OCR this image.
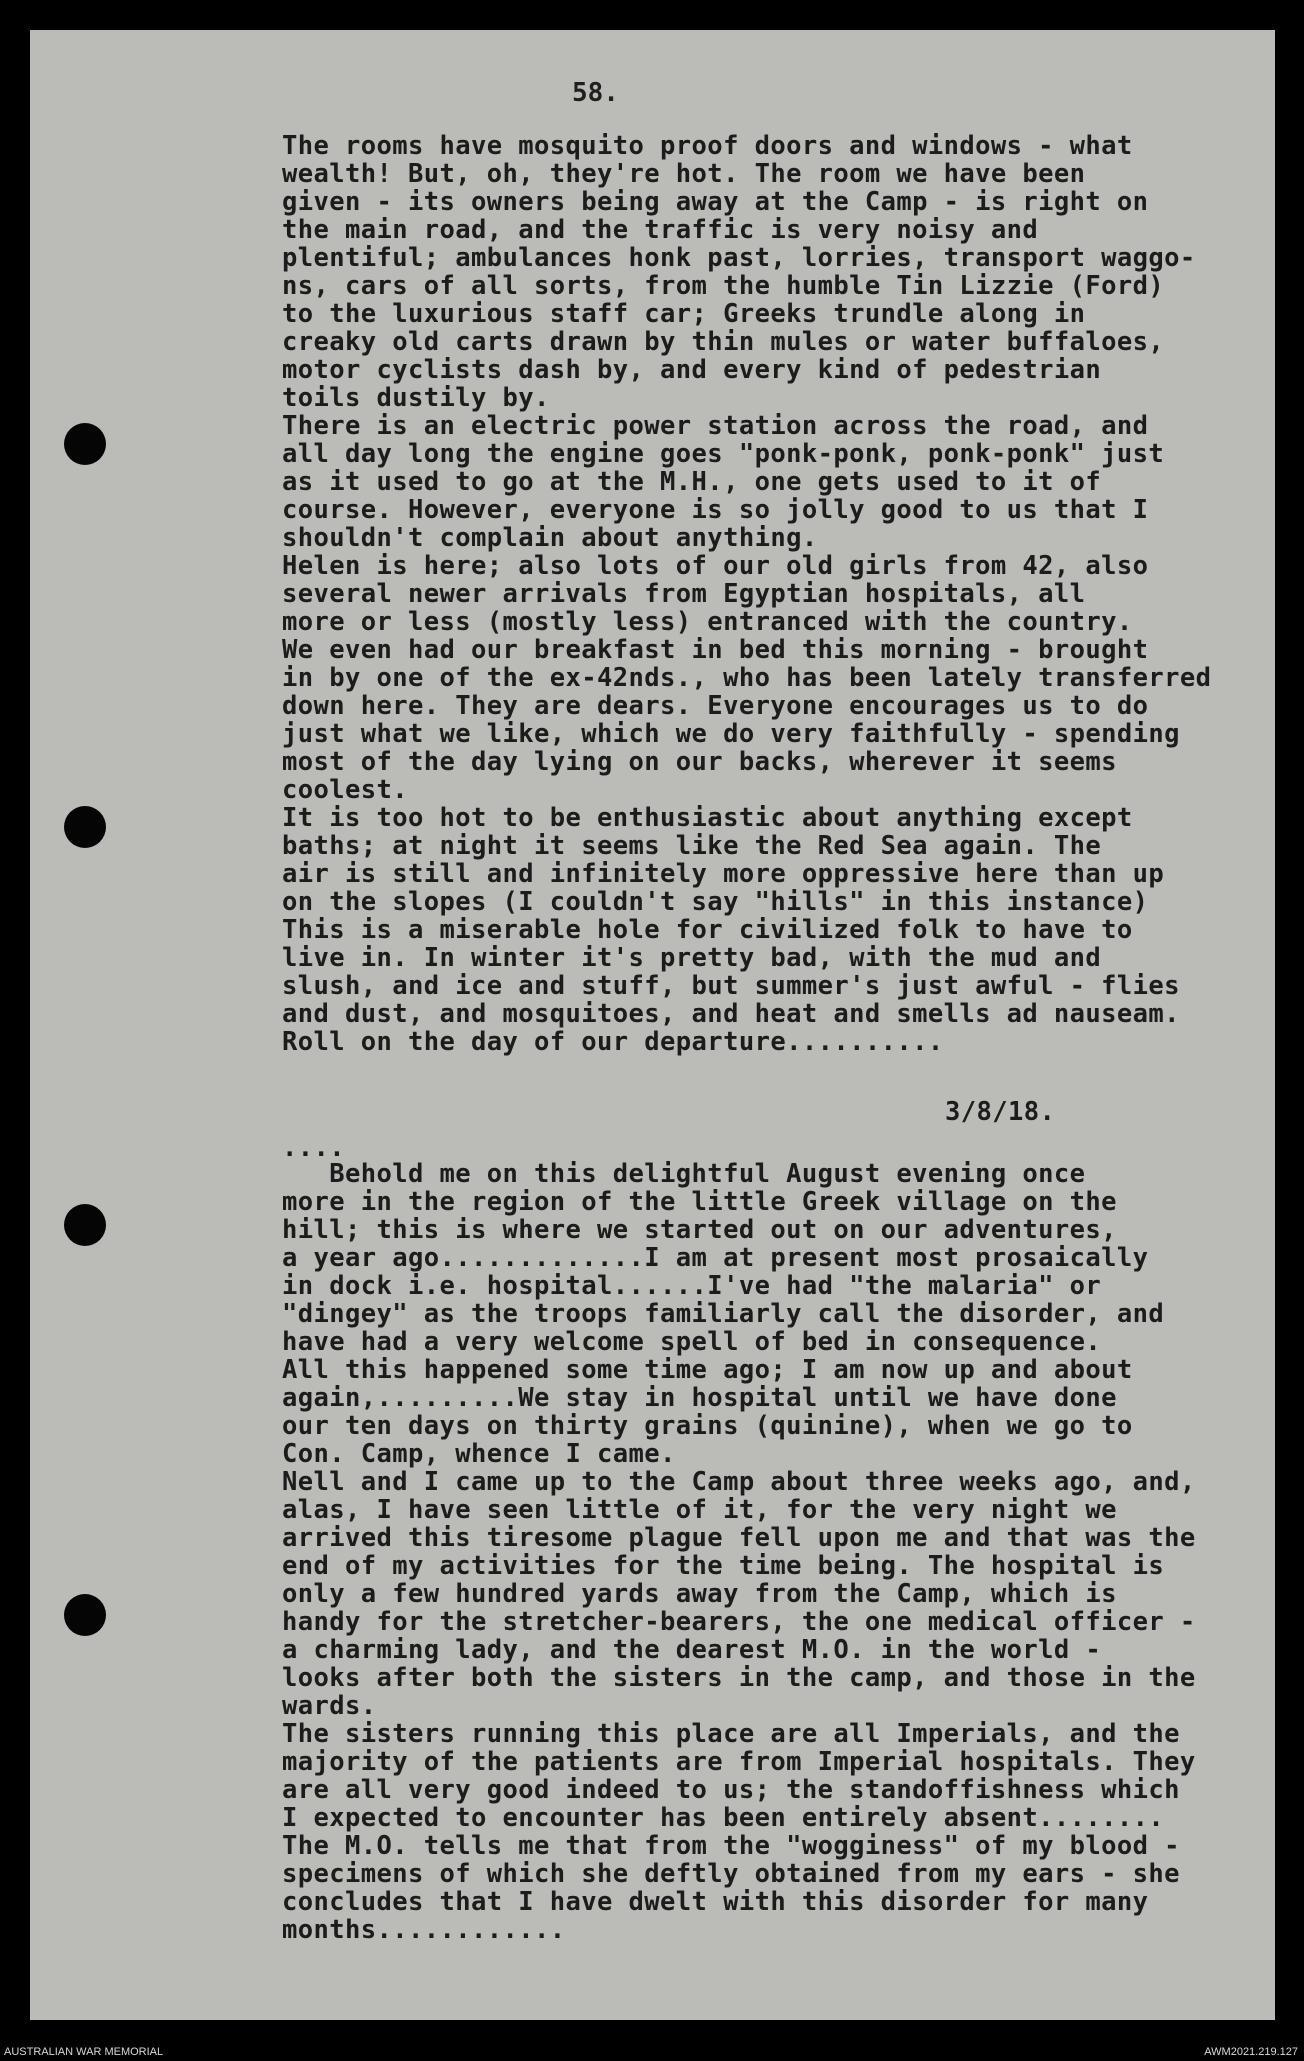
58.

The rooms have mosquito proof doors and windows - what

wealth! But, oh, they're hot. The room we have been

given - its owners being away at the Camp - is right on

the main road, and the traffic is very noisy and

plentiful; ambulances honk past, lorries, transport waggo-

ns, cars of all sorts, from the humble Tin Lizzie (Ford)

to the luxurious staff car; Greeks trundle along in

creaky old carts drawn by thin mules or water buffaloes,

motor cyclists dash by, and every kind of pedestrian

toils dustily by.

There is an electric power station across the road, and

all day long the engine goes "ponk-ponk, ponk-ponk" just

as it used to go at the M.H., one gets used to it of

course. However, everyone is so jolly good to us that I

shouldn't complain about anything.

Helen is here; also lots of our old girls from 42, also

several newer arrivals from Egyptian hospitals, all

more or less (mostly less) entranced with the country.

We even had our breakfast in bed this morning - brought

in by one of the ex-42nds., who has been lately transferred

down here. They are dears. Everyone encourages us to do

just what we like, which we do very faithfully - spending

most of the day lying on our backs, wherever it seems

coolest.

It is too hot to be enthusiastic about anything except

baths; at night it seems like the Red Sea again. The

air is still and infinitely more oppressive here than up

on the slopes (I couldn't say "hills" in this instance)

This is a miserable hole for civilized folk to have to

live in. In winter it's pretty bad, with the mud and

slush, and ice and stuff, but summer's just awful - flies

and dust, and mosquitoes, and heat and smells ad nauseam.

Roll on the day of our departure..........

3/8/18.

....

Behold me on this delightful August evening once

more in the region of the little Greek village on the

hill; this is where we started out on our adventures,

a year ago.............I am at present most prosaically

in dock i.e. hospital......I've had "the malaria" or

"dingey" as the troops familiarly call the disorder, and

have had a very welcome spell of bed in consequence.

All this happened some time ago; I am now up and about

again,.........We stay in hospital until we have done

our ten days on thirty grains (quinine), when we go to

Con. Camp, whence I came.

Nell and I came up to the Camp about three weeks ago, and,

alas, I have seen little of it, for the very night we

arrived this tiresome plague fell upon me and that was the

end of my activities for the time being. The hospital is

only a few hundred yards away from the Camp, which is

handy for the stretcher-bearers, the one medical officer -

a charming lady, and the dearest M.O. in the world -

looks after both the sisters in the camp, and those in the

wards.

The sisters running this place are all Imperials, and the

majority of the patients are from Imperial hospitals. They

are all very good indeed to us; the standoffishness which

I expected to encounter has been entirely absent........

The M.O. tells me that from the "wogginess" of my blood -

specimens of which she deftly obtained from my ears - she

concludes that I have dwelt with this disorder for many

months............

AUSTRALIAN WAR MEMORIAL	AWM2021.219.127
